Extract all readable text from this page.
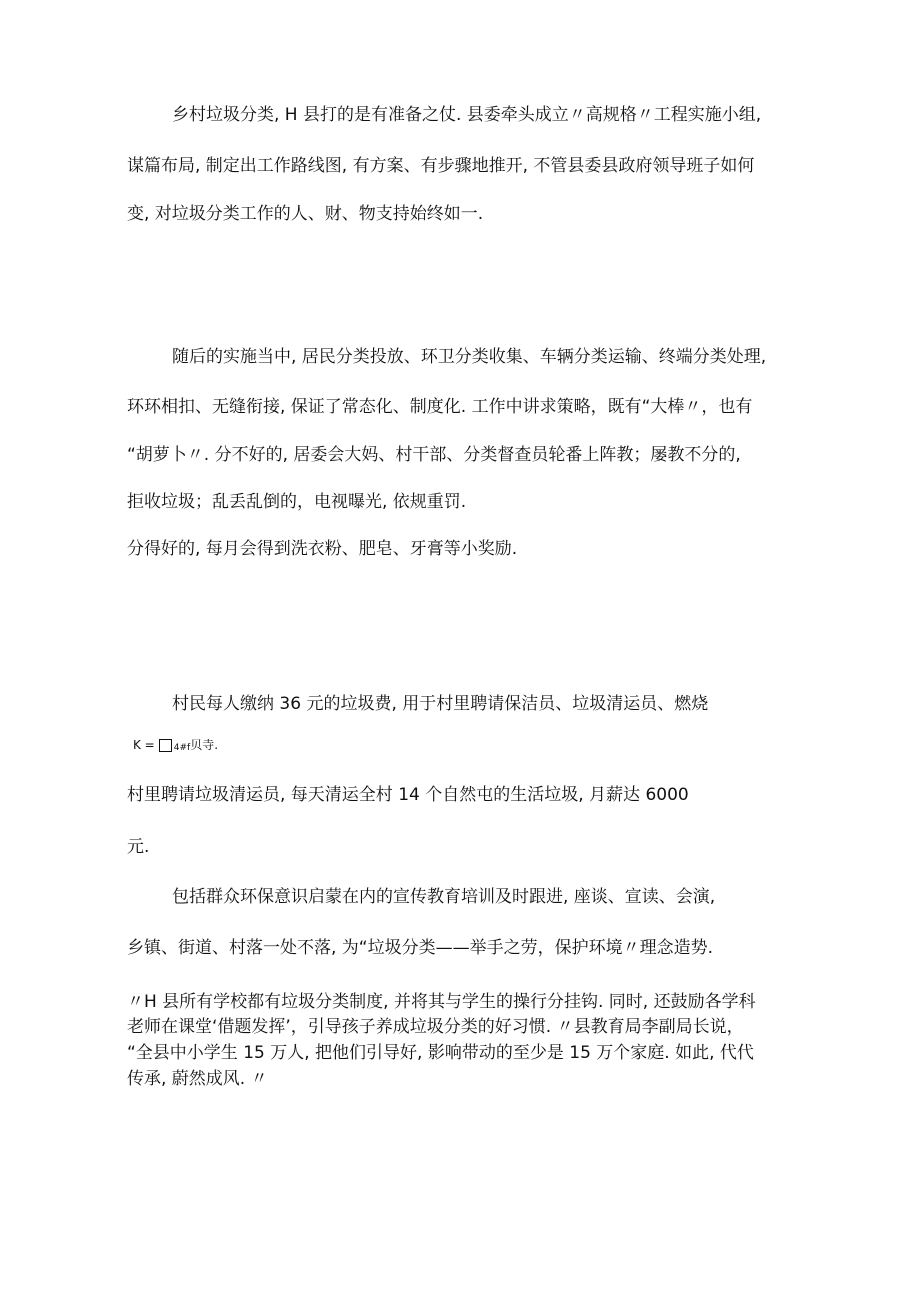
乡村垃圾分类, H 县打的是有准备之仗. 县委牵头成立〃高规格〃工程实施小组,

谋篇布局, 制定出工作路线图, 有方案、有步骤地推开, 不管县委县政府领导班子如何

变, 对垃圾分类工作的人、财、物支持始终如一.

随后的实施当中, 居民分类投放、环卫分类收集、车辆分类运输、终端分类处理,

环环相扣、无缝衔接, 保证了常态化、制度化. 工作中讲求策略，既有“大棒〃，也有

“胡萝卜〃. 分不好的, 居委会大妈、村干部、分类督查员轮番上阵教；屡教不分的,

拒收垃圾；乱丢乱倒的，电视曝光, 依规重罚.

分得好的, 每月会得到洗衣粉、肥皂、牙膏等小奖励.

村民每人缴纳 36 元的垃圾费, 用于村里聘请保洁员、垃圾清运员、燃烧

K = 4#f 贝寺.

村里聘请垃圾清运员, 每天清运全村 14 个自然屯的生活垃圾, 月薪达 6000

元.

包括群众环保意识启蒙在内的宣传教育培训及时跟进, 座谈、宣读、会演,

乡镇、街道、村落一处不落, 为“垃圾分类——举手之劳，保护环境〃理念造势.

〃H 县所有学校都有垃圾分类制度, 并将其与学生的操行分挂钩. 同时, 还鼓励各学科

老师在课堂‘借题发挥’，引导孩子养成垃圾分类的好习惯. 〃县教育局李副局长说，

“全县中小学生 15 万人, 把他们引导好, 影响带动的至少是 15 万个家庭. 如此, 代代

传承, 蔚然成风. 〃
